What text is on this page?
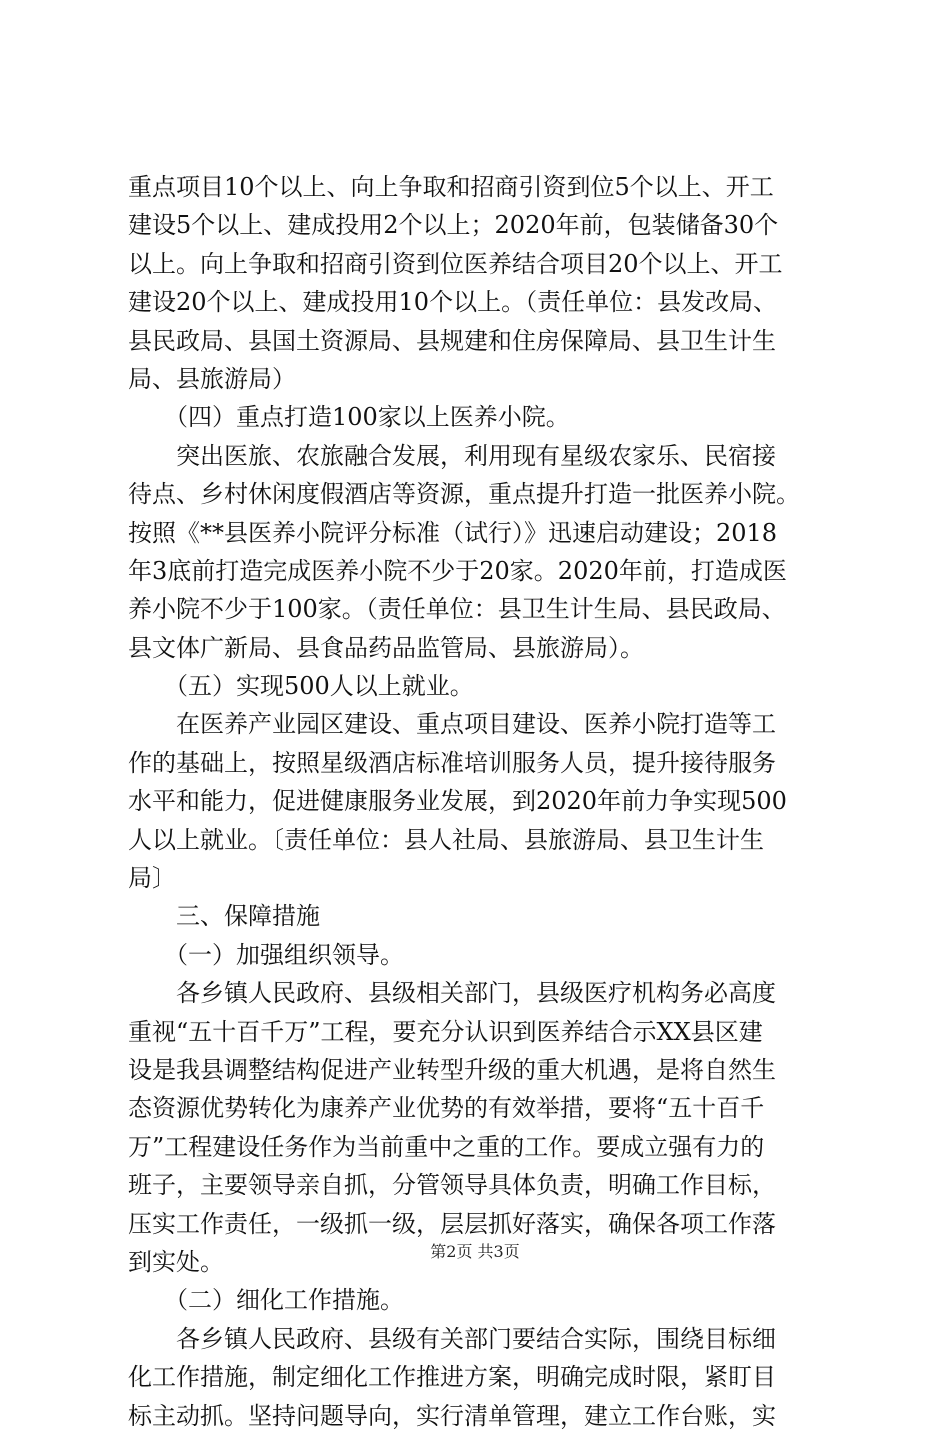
重点项目10个以上、向上争取和招商引资到位5个以上、开工
建设5个以上、建成投用2个以上；2020年前，包装储备30个
以上。向上争取和招商引资到位医养结合项目20个以上、开工
建设20个以上、建成投用10个以上。（责任单位：县发改局、
县民政局、县国土资源局、县规建和住房保障局、县卫生计生
局、县旅游局）
　　（四）重点打造100家以上医养小院。
　　突出医旅、农旅融合发展，利用现有星级农家乐、民宿接
待点、乡村休闲度假酒店等资源，重点提升打造一批医养小院。
按照《**县医养小院评分标准（试行）》迅速启动建设；2018
年3底前打造完成医养小院不少于20家。2020年前，打造成医
养小院不少于100家。（责任单位：县卫生计生局、县民政局、
县文体广新局、县食品药品监管局、县旅游局）。
　　（五）实现500人以上就业。
　　在医养产业园区建设、重点项目建设、医养小院打造等工
作的基础上，按照星级酒店标准培训服务人员，提升接待服务
水平和能力，促进健康服务业发展，到2020年前力争实现500
人以上就业。〔责任单位：县人社局、县旅游局、县卫生计生
局〕
　　三、保障措施
　　（一）加强组织领导。
　　各乡镇人民政府、县级相关部门，县级医疗机构务必高度
重视“五十百千万”工程，要充分认识到医养结合示XX县区建
设是我县调整结构促进产业转型升级的重大机遇，是将自然生
态资源优势转化为康养产业优势的有效举措，要将“五十百千
万”工程建设任务作为当前重中之重的工作。要成立强有力的
班子，主要领导亲自抓，分管领导具体负责，明确工作目标，
压实工作责任，一级抓一级，层层抓好落实，确保各项工作落
到实处。
　　（二）细化工作措施。
　　各乡镇人民政府、县级有关部门要结合实际，围绕目标细
化工作措施，制定细化工作推进方案，明确完成时限，紧盯目
标主动抓。坚持问题导向，实行清单管理，建立工作台账，实
第2页 共3页
